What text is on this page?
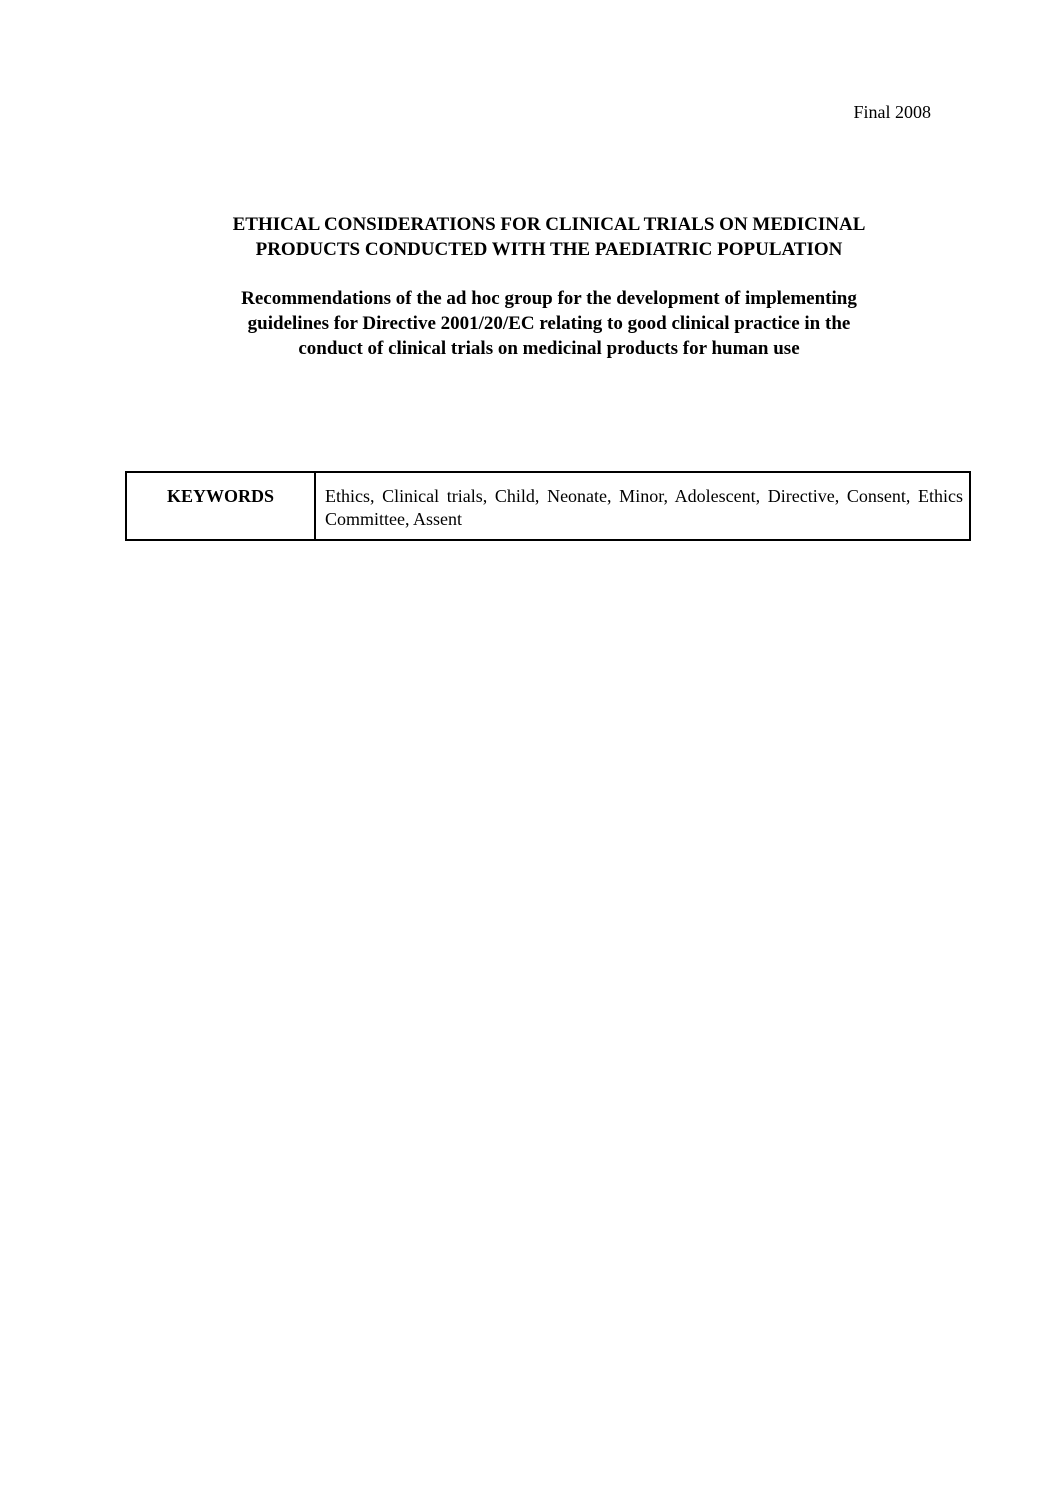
Final 2008
ETHICAL CONSIDERATIONS FOR CLINICAL TRIALS ON MEDICINAL
PRODUCTS CONDUCTED WITH THE PAEDIATRIC POPULATION
Recommendations of the ad hoc group for the development of implementing
guidelines for Directive 2001/20/EC relating to good clinical practice in the
conduct of clinical trials on medicinal products for human use
KEYWORDS	Ethics, Clinical trials, Child, Neonate, Minor, Adolescent, Directive, Consent, Ethics Committee, Assent
